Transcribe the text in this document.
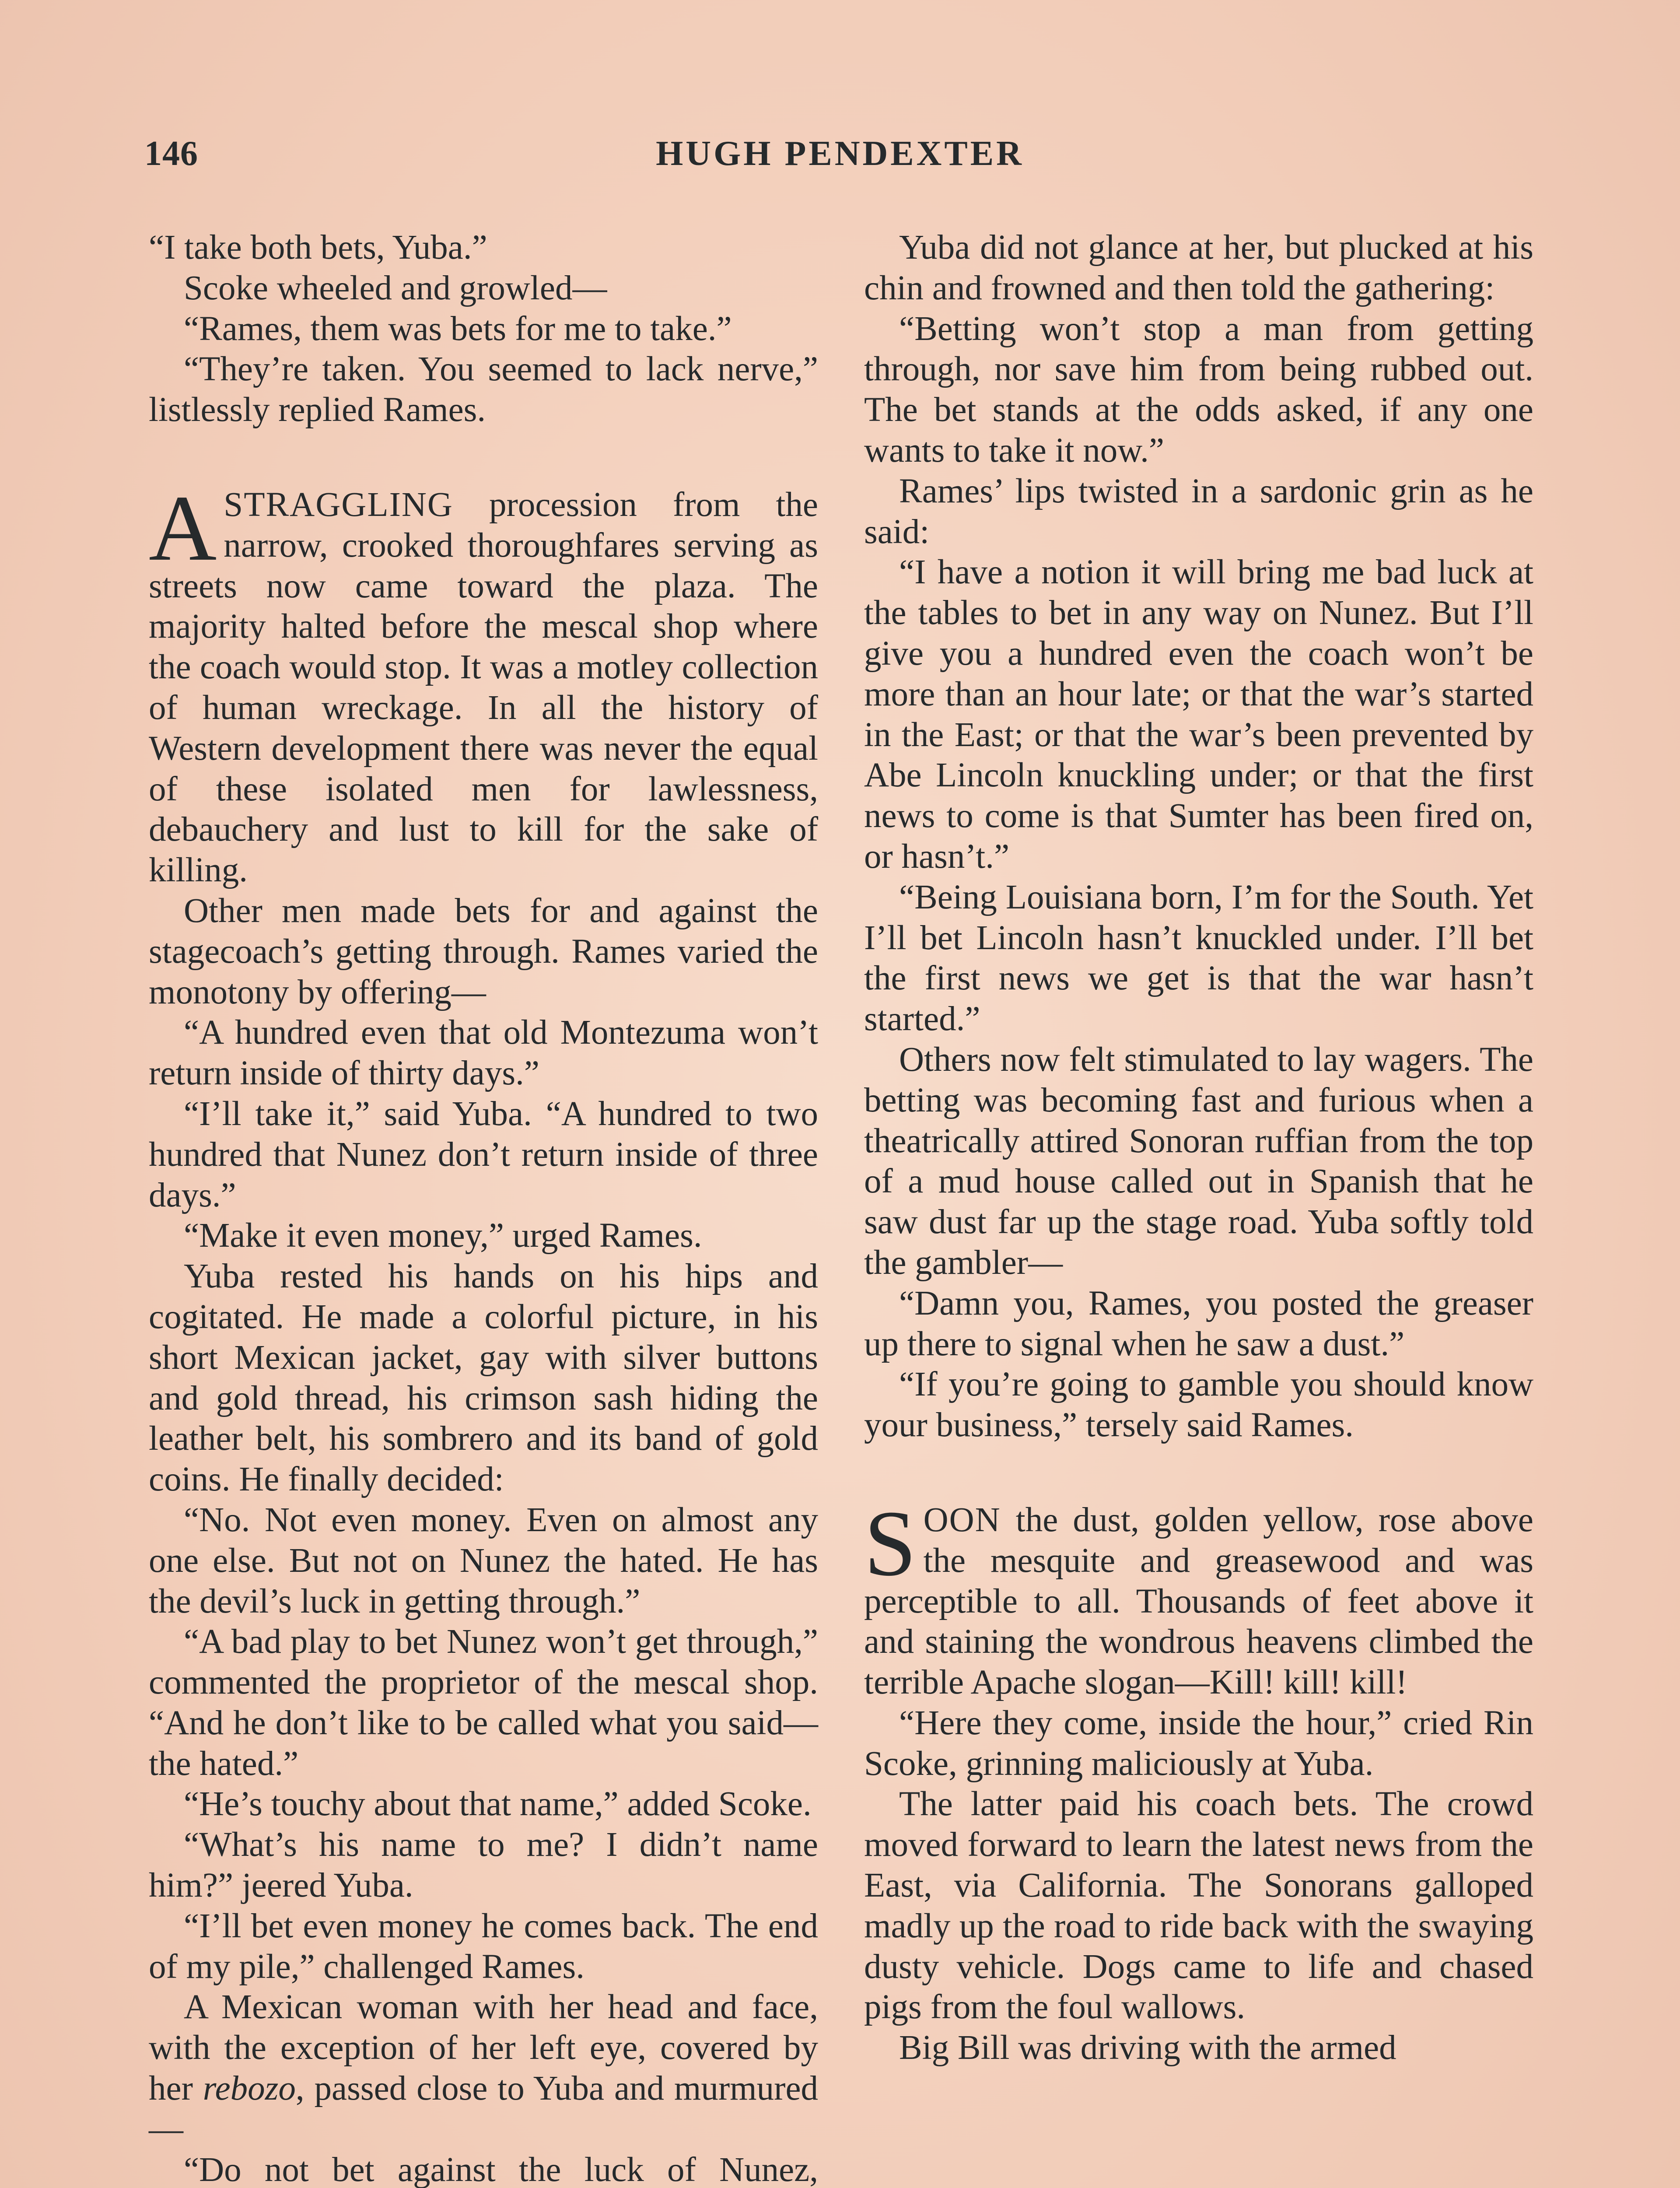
146	HUGH PENDEXTER

“I take both bets, Yuba.”

Scoke wheeled and growled—

“Rames, them was bets for me to take.”

“They’re taken. You seemed to lack nerve,” listlessly replied Rames.

ASTRAGGLING procession from the narrow, crooked thoroughfares serving as streets now came toward the plaza. The majority halted before the mescal shop where the coach would stop. It was a motley collection of human wreckage. In all the history of Western development there was never the equal of these isolated men for lawlessness, debauchery and lust to kill for the sake of killing.

Other men made bets for and against the stagecoach’s getting through. Rames varied the monotony by offering—

“A hundred even that old Montezuma won’t return inside of thirty days.”

“I’ll take it,” said Yuba. “A hundred to two hundred that Nunez don’t return inside of three days.”

“Make it even money,” urged Rames.

Yuba rested his hands on his hips and cogitated. He made a colorful picture, in his short Mexican jacket, gay with silver buttons and gold thread, his crimson sash hiding the leather belt, his sombrero and its band of gold coins. He finally decided:

“No. Not even money. Even on almost any one else. But not on Nunez the hated. He has the devil’s luck in getting through.”

“A bad play to bet Nunez won’t get through,” commented the proprietor of the mescal shop. “And he don’t like to be called what you said—the hated.”

“He’s touchy about that name,” added Scoke.

“What’s his name to me? I didn’t name him?” jeered Yuba.

“I’ll bet even money he comes back. The end of my pile,” challenged Rames.

A Mexican woman with her head and face, with the exception of her left eye, covered by her rebozo, passed close to Yuba and murmured—

“Do not bet against the luck of Nunez,

Yuba did not glance at her, but plucked at his chin and frowned and then told the gathering:

“Betting won’t stop a man from getting through, nor save him from being rubbed out. The bet stands at the odds asked, if any one wants to take it now.”

Rames’ lips twisted in a sardonic grin as he said:

“I have a notion it will bring me bad luck at the tables to bet in any way on Nunez. But I’ll give you a hundred even the coach won’t be more than an hour late; or that the war’s started in the East; or that the war’s been prevented by Abe Lincoln knuckling under; or that the first news to come is that Sumter has been fired on, or hasn’t.”

“Being Louisiana born, I’m for the South. Yet I’ll bet Lincoln hasn’t knuckled under. I’ll bet the first news we get is that the war hasn’t started.”

Others now felt stimulated to lay wagers. The betting was becoming fast and furious when a theatrically attired Sonoran ruffian from the top of a mud house called out in Spanish that he saw dust far up the stage road. Yuba softly told the gambler—

“Damn you, Rames, you posted the greaser up there to signal when he saw a dust.”

“If you’re going to gamble you should know your business,” tersely said Rames.

SOON the dust, golden yellow, rose above the mesquite and greasewood and was perceptible to all. Thousands of feet above it and staining the wondrous heavens climbed the terrible Apache slogan—Kill! kill! kill!

“Here they come, inside the hour,” cried Rin Scoke, grinning maliciously at Yuba.

The latter paid his coach bets. The crowd moved forward to learn the latest news from the East, via California. The Sonorans galloped madly up the road to ride back with the swaying dusty vehicle. Dogs came to life and chased pigs from the foul wallows.

Big Bill was driving with the armed
